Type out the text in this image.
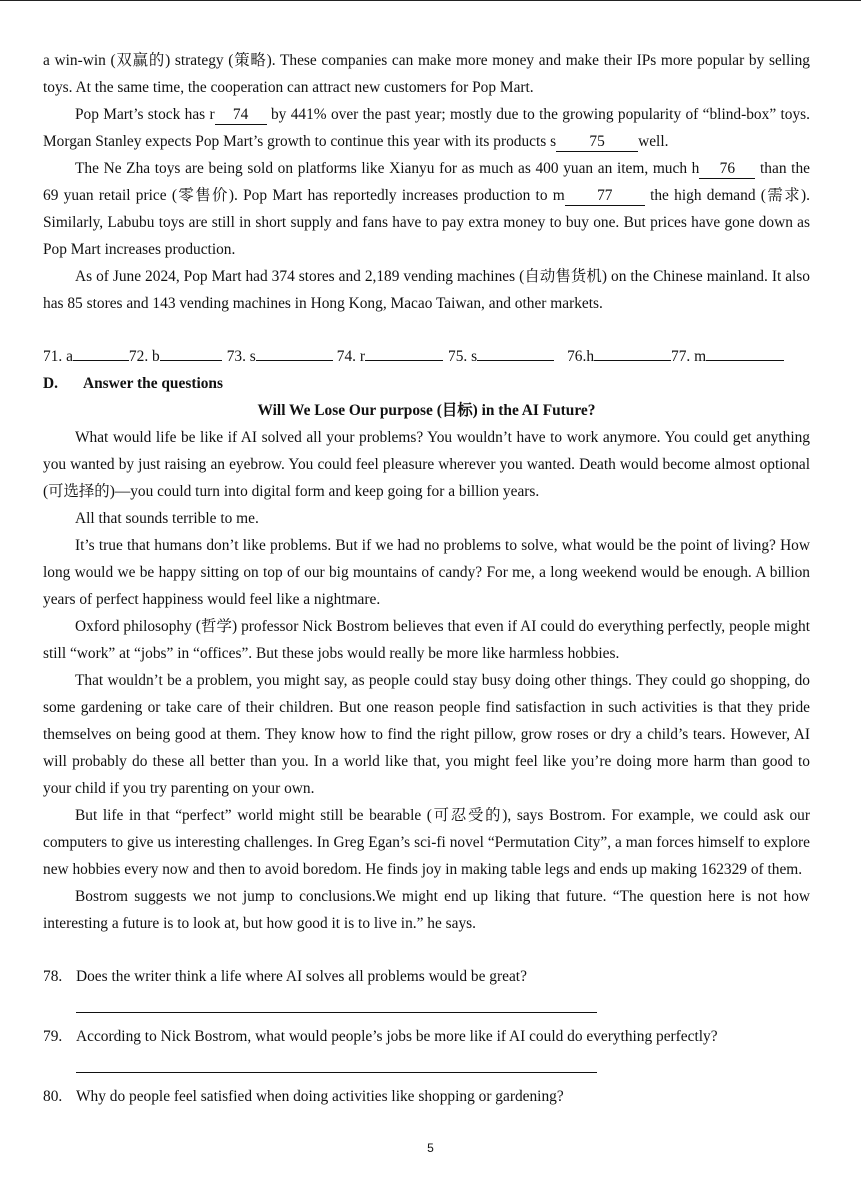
a win-win (双赢的) strategy (策略). These companies can make more money and make their IPs more popular by selling toys. At the same time, the cooperation can attract new customers for Pop Mart.

Pop Mart’s stock has r 74 by 441% over the past year; mostly due to the growing popularity of “blind-box” toys. Morgan Stanley expects Pop Mart’s growth to continue this year with its products s 75 well.

The Ne Zha toys are being sold on platforms like Xianyu for as much as 400 yuan an item, much h 76 than the 69 yuan retail price (零售价). Pop Mart has reportedly increases production to m 77 the high demand (需求). Similarly, Labubu toys are still in short supply and fans have to pay extra money to buy one. But prices have gone down as Pop Mart increases production.

As of June 2024, Pop Mart had 374 stores and 2,189 vending machines (自动售货机) on the Chinese mainland. It also has 85 stores and 143 vending machines in Hong Kong, Macao Taiwan, and other markets.

71. a	72. b	73. s	74. r	75. s	76.h	77. m
D. Answer the questions
Will We Lose Our purpose (目标) in the AI Future?

What would life be like if AI solved all your problems? You wouldn’t have to work anymore. You could get anything you wanted by just raising an eyebrow. You could feel pleasure wherever you wanted. Death would become almost optional (可选择的)—you could turn into digital form and keep going for a billion years.

All that sounds terrible to me.

It’s true that humans don’t like problems. But if we had no problems to solve, what would be the point of living? How long would we be happy sitting on top of our big mountains of candy? For me, a long weekend would be enough. A billion years of perfect happiness would feel like a nightmare.

Oxford philosophy (哲学) professor Nick Bostrom believes that even if AI could do everything perfectly, people might still “work” at “jobs” in “offices”. But these jobs would really be more like harmless hobbies.

That wouldn’t be a problem, you might say, as people could stay busy doing other things. They could go shopping, do some gardening or take care of their children. But one reason people find satisfaction in such activities is that they pride themselves on being good at them. They know how to find the right pillow, grow roses or dry a child’s tears. However, AI will probably do these all better than you. In a world like that, you might feel like you’re doing more harm than good to your child if you try parenting on your own.

But life in that “perfect” world might still be bearable (可忍受的), says Bostrom. For example, we could ask our computers to give us interesting challenges. In Greg Egan’s sci-fi novel “Permutation City”, a man forces himself to explore new hobbies every now and then to avoid boredom. He finds joy in making table legs and ends up making 162329 of them.

Bostrom suggests we not jump to conclusions.We might end up liking that future. “The question here is not how interesting a future is to look at, but how good it is to live in.” he says.

78. Does the writer think a life where AI solves all problems would be great?
79. According to Nick Bostrom, what would people’s jobs be more like if AI could do everything perfectly?
80. Why do people feel satisfied when doing activities like shopping or gardening?
5
